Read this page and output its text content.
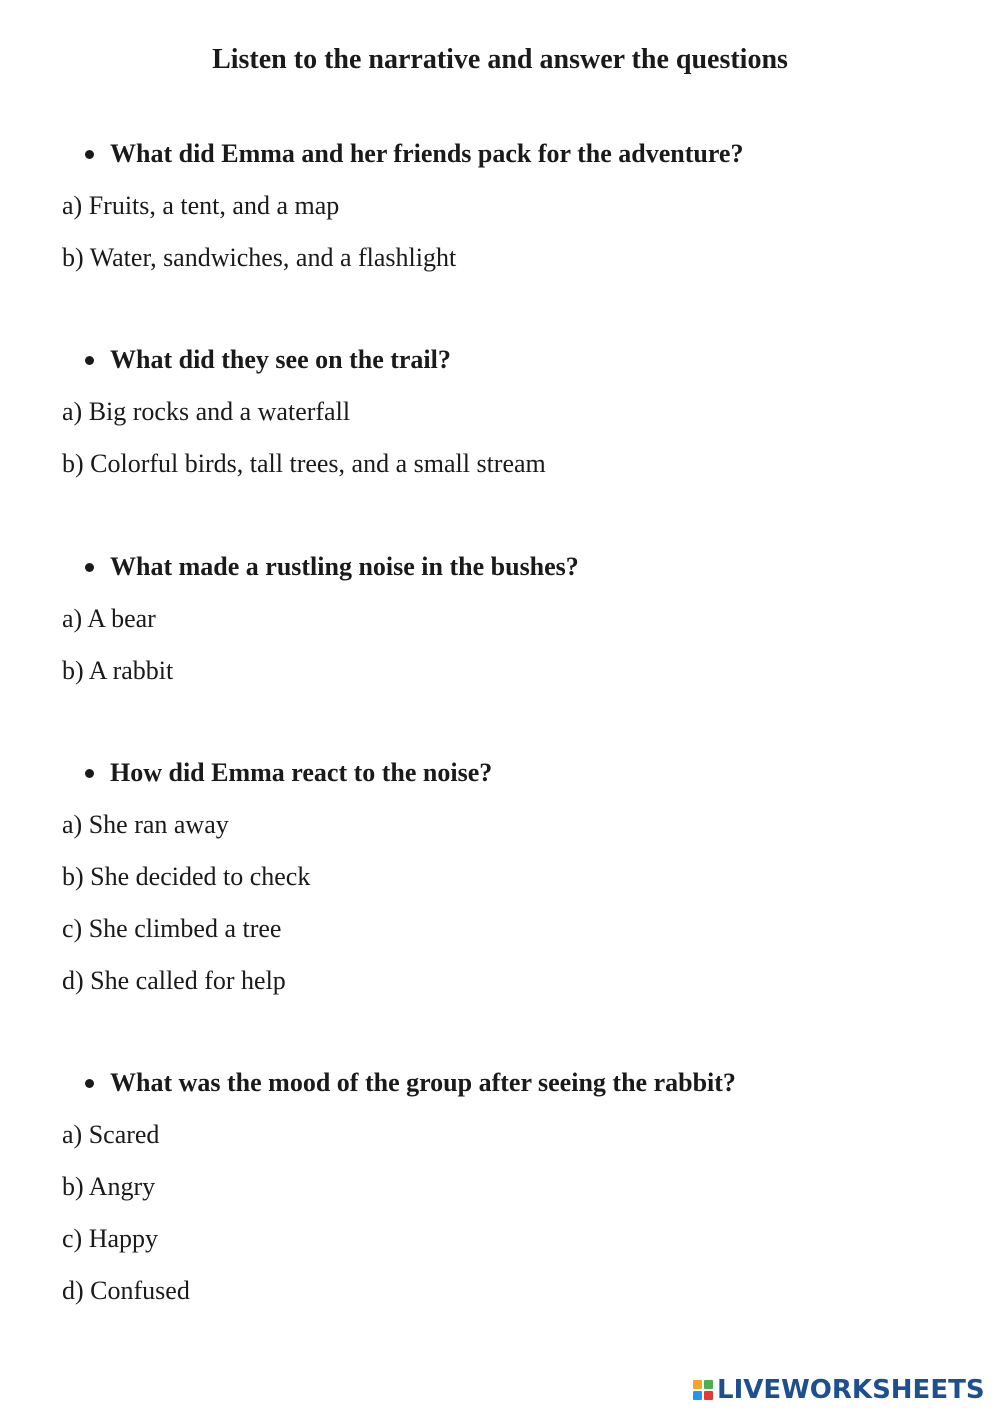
Listen to the narrative and answer the questions
What did Emma and her friends pack for the adventure?
a) Fruits, a tent, and a map
b) Water, sandwiches, and a flashlight
What did they see on the trail?
a) Big rocks and a waterfall
b) Colorful birds, tall trees, and a small stream
What made a rustling noise in the bushes?
a) A bear
b) A rabbit
How did Emma react to the noise?
a) She ran away
b) She decided to check
c) She climbed a tree
d) She called for help
What was the mood of the group after seeing the rabbit?
a) Scared
b) Angry
c) Happy
d) Confused
LIVEWORKSHEETS
